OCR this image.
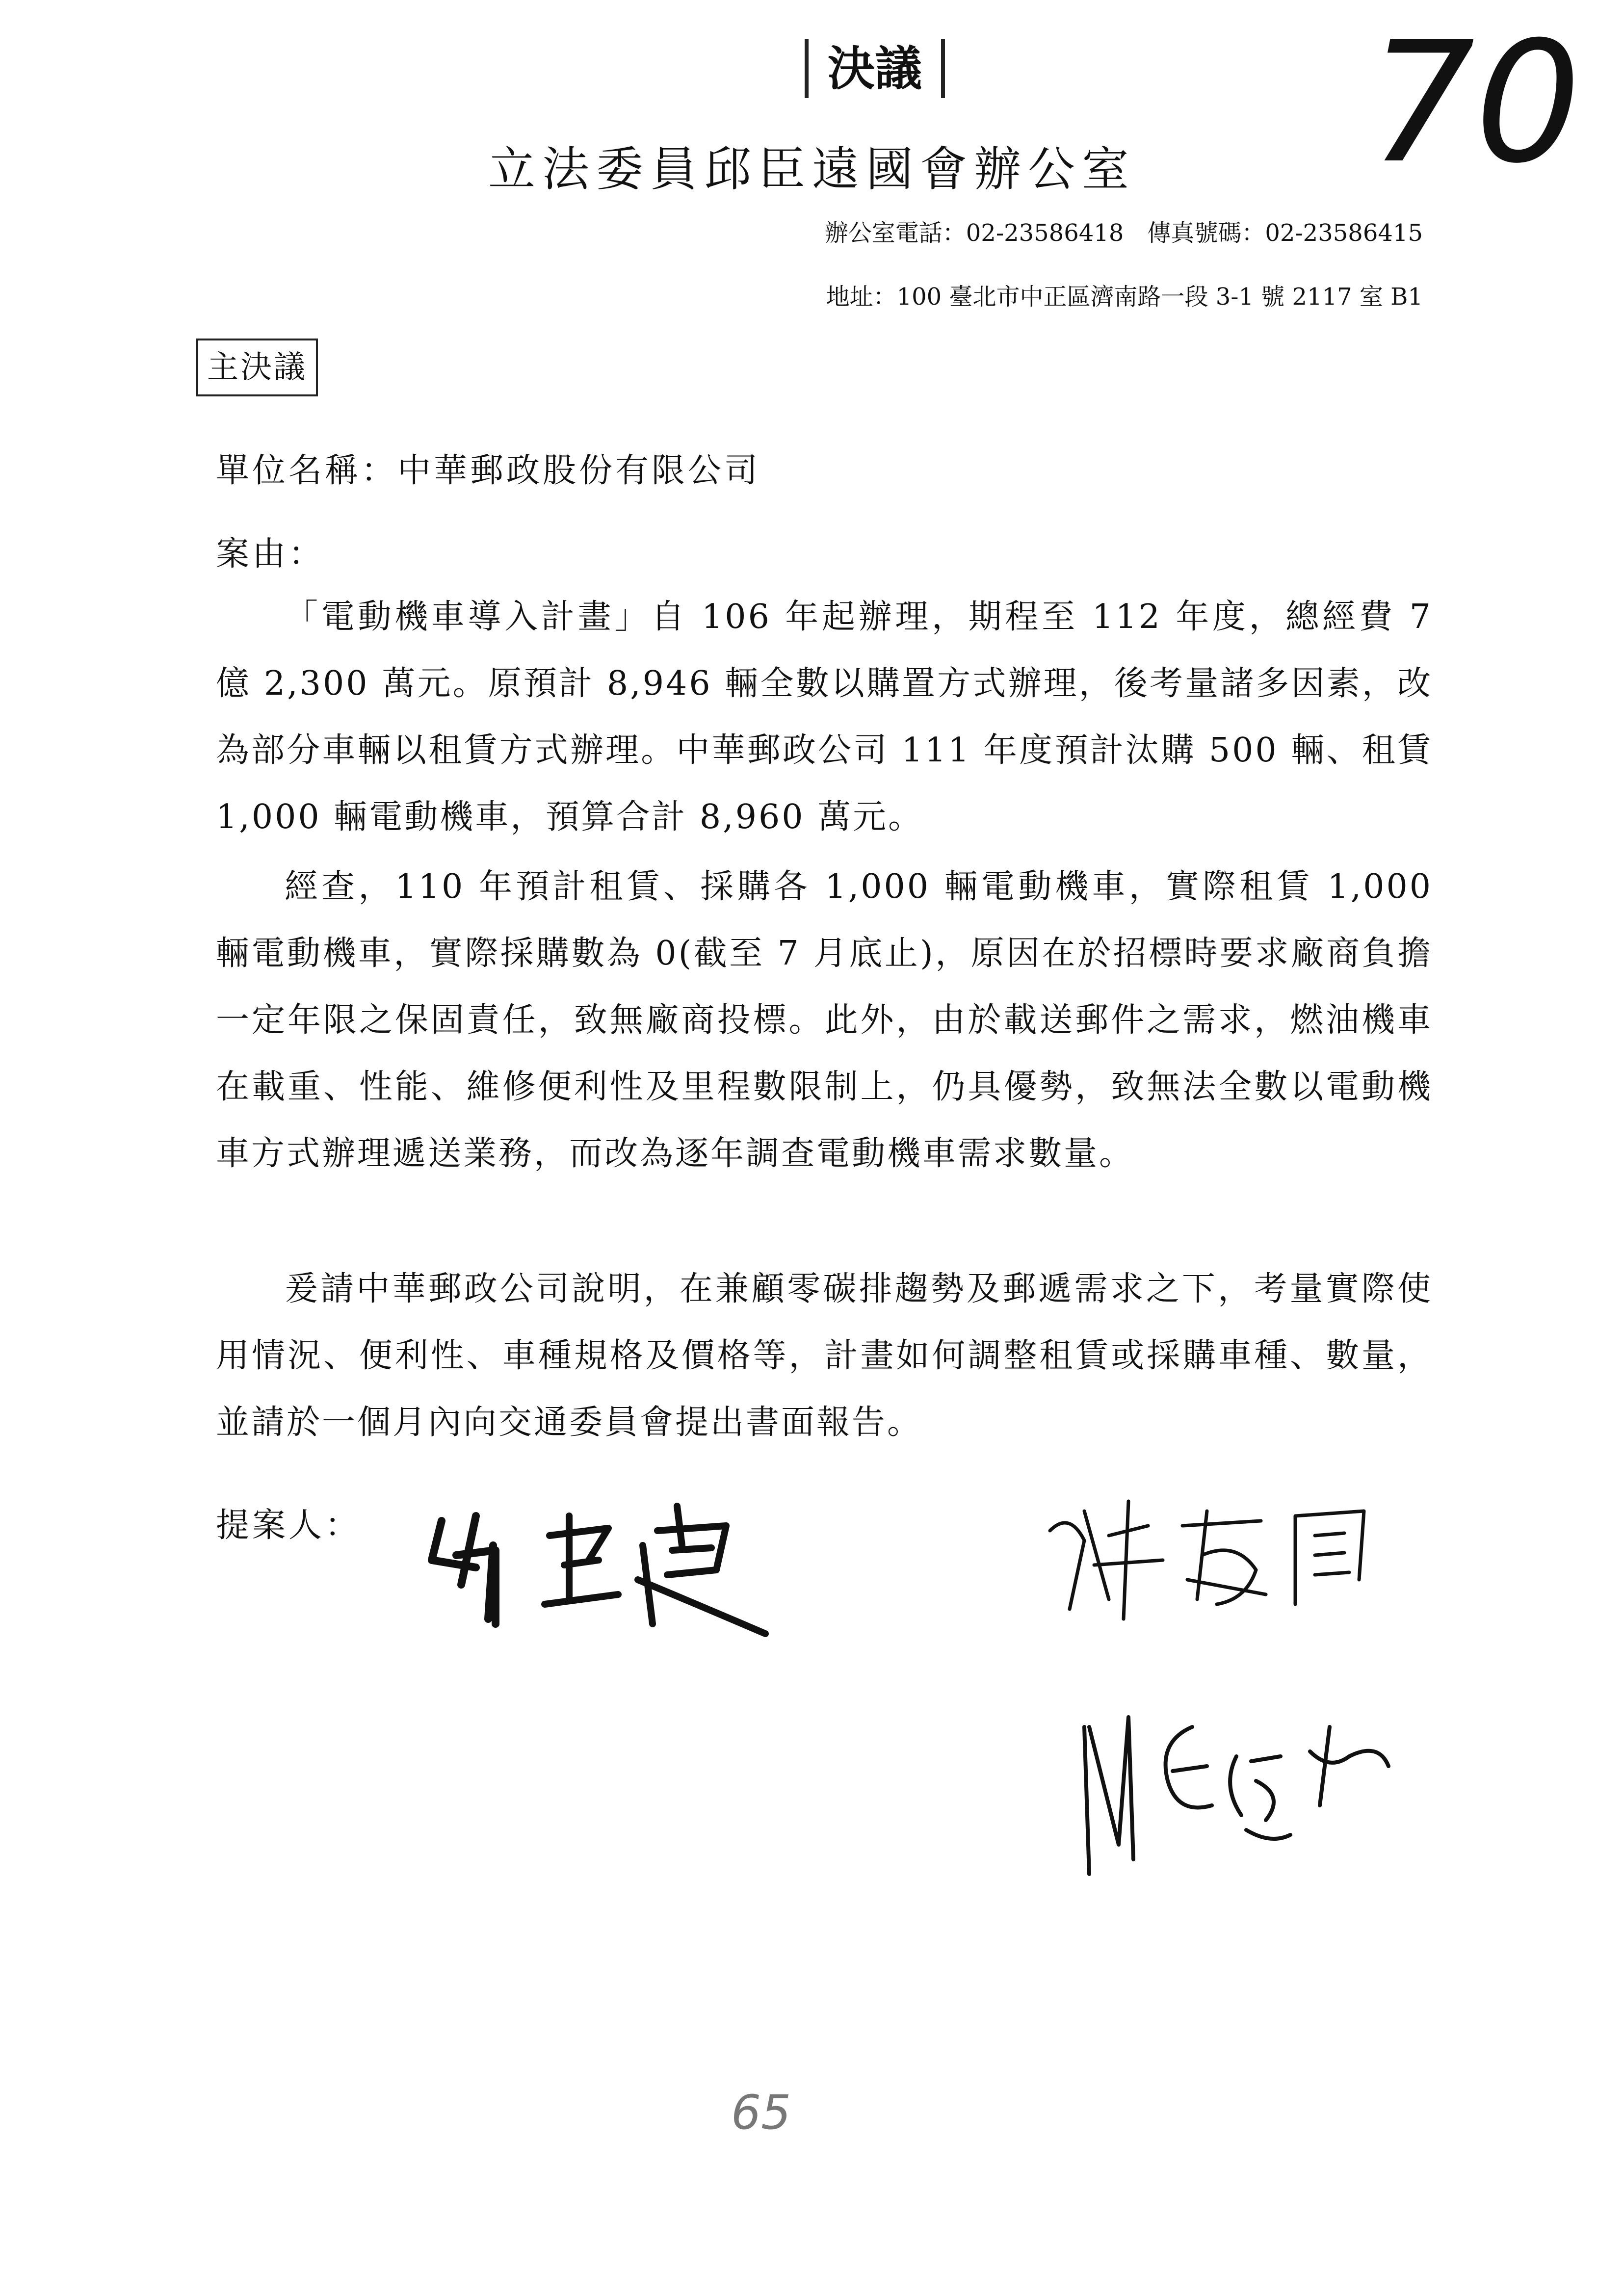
決議	70
立法委員邱臣遠國會辦公室
辦公室電話：02-23586418　傳真號碼：02-23586415
地址：100 臺北市中正區濟南路一段 3-1 號 2117 室 B1
主決議
單位名稱：中華郵政股份有限公司
案由：
「電動機車導入計畫」自 106 年起辦理，期程至 112 年度，總經費 7 億 2,300 萬元。原預計 8,946 輛全數以購置方式辦理，後考量諸多因素，改為部分車輛以租賃方式辦理。中華郵政公司 111 年度預計汰購 500 輛、租賃 1,000 輛電動機車，預算合計 8,960 萬元。
經查，110 年預計租賃、採購各 1,000 輛電動機車，實際租賃 1,000 輛電動機車，實際採購數為 0(截至 7 月底止)，原因在於招標時要求廠商負擔一定年限之保固責任，致無廠商投標。此外，由於載送郵件之需求，燃油機車在載重、性能、維修便利性及里程數限制上，仍具優勢，致無法全數以電動機車方式辦理遞送業務，而改為逐年調查電動機車需求數量。
爰請中華郵政公司說明，在兼顧零碳排趨勢及郵遞需求之下，考量實際使用情況、便利性、車種規格及價格等，計畫如何調整租賃或採購車種、數量，並請於一個月內向交通委員會提出書面報告。
提案人：
65
